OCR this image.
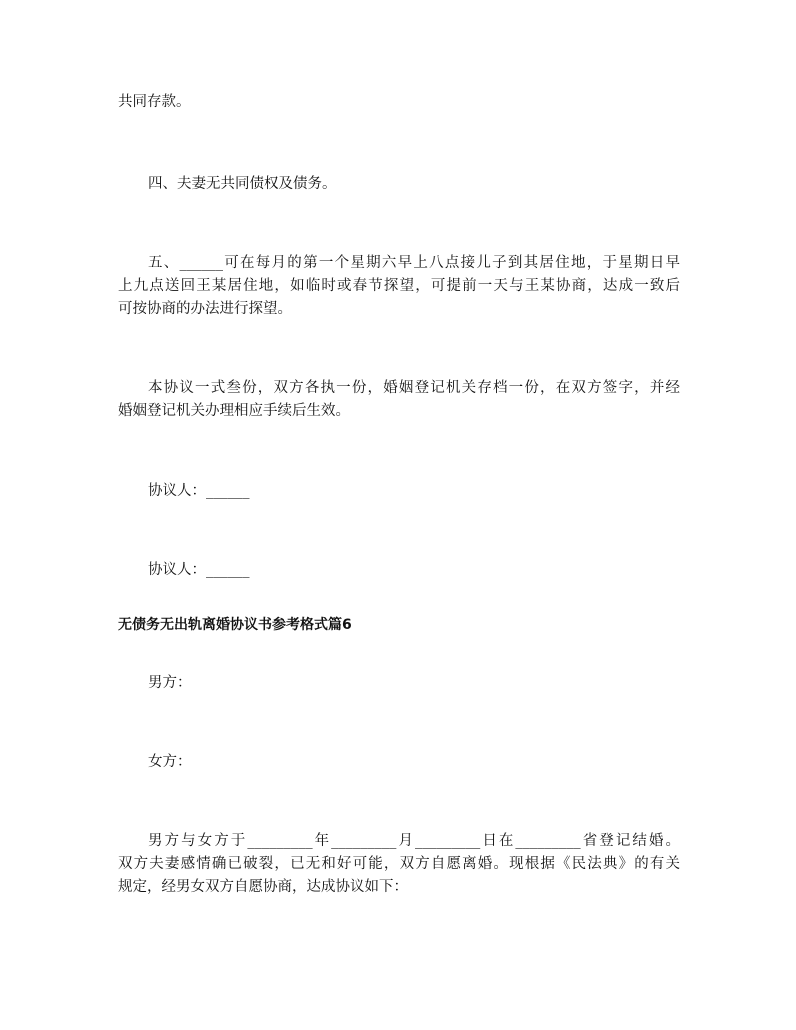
共同存款。
四、夫妻无共同债权及债务。
五、______可在每月的第一个星期六早上八点接儿子到其居住地，于星期日早
上九点送回王某居住地，如临时或春节探望，可提前一天与王某协商，达成一致后
可按协商的办法进行探望。
本协议一式叁份，双方各执一份，婚姻登记机关存档一份，在双方签字，并经
婚姻登记机关办理相应手续后生效。
协议人：______
协议人：______
无债务无出轨离婚协议书参考格式篇6
男方：
女方：
男方与女方于_________年_________月_________日在_________省登记结婚。
双方夫妻感情确已破裂，已无和好可能，双方自愿离婚。现根据《民法典》的有关
规定，经男女双方自愿协商，达成协议如下：
